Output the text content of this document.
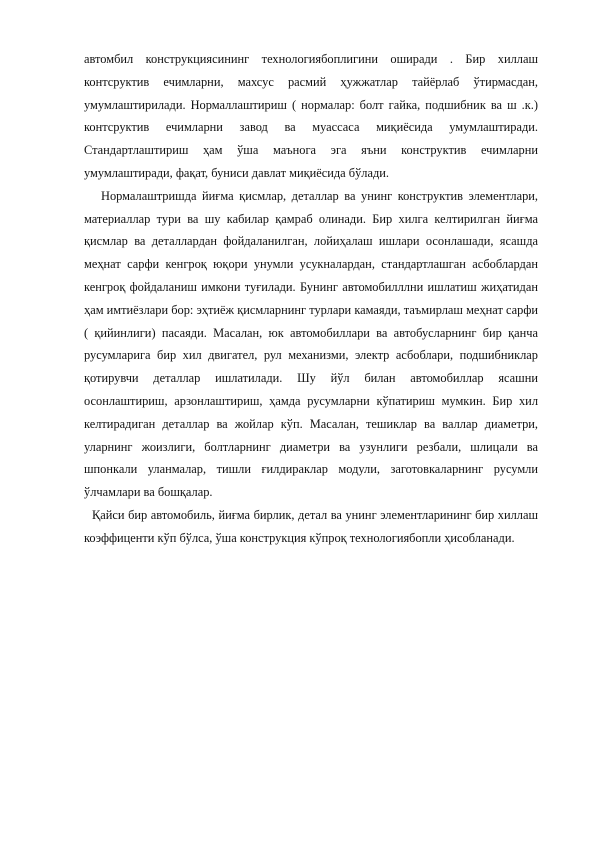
автомбил конструкциясининг технологиябоплигини оширади . Бир хиллаш контсруктив ечимларни, махсус расмий ҳужжатлар тайёрлаб ўтирмасдан, умумлаштирилади. Нормаллаштириш ( нормалар: болт гайка, подшибник ва ш .к.) контсруктив ечимларни завод ва муассаса миқиёсида умумлаштиради. Стандартлаштириш ҳам ўша маънога эга яъни конструктив ечимларни умумлаштиради, фақат, буниси давлат миқиёсида бўлади.

Нормалаштришда йиғма қисмлар, деталлар ва унинг конструктив элементлари, материаллар тури ва шу кабилар қамраб олинади. Бир хилга келтирилган йиғма қисмлар ва деталлардан фойдаланилган, лойиҳалаш ишлари осонлашади, ясашда меҳнат сарфи кенгроқ юқори унумли усукналардан, стандартлашган асбоблардан кенгроқ фойдаланиш имкони туғилади. Бунинг автомобилллни ишлатиш жиҳатидан ҳам имтиёзлари бор: эҳтиёж қисмларнинг турлари камаяди, таъмирлаш меҳнат сарфи ( қийинлиги) пасаяди. Масалан, юк автомобиллари ва автобусларнинг бир қанча русумларига бир хил двигател, рул механизми, электр асбоблари, подшибниклар қотирувчи деталлар ишлатилади. Шу йўл билан автомобиллар ясашни осонлаштириш, арзонлаштириш, ҳамда русумларни кўпатириш мумкин. Бир хил келтирадиган деталлар ва жойлар кўп. Масалан, тешиклар ва валлар диаметри, уларнинг жоизлиги, болтларнинг диаметри ва узунлиги резбали, шлицали ва шпонкали уланмалар, тишли ғилдираклар модули, заготовкаларнинг русумли ўлчамлари ва бошқалар.

Қайси бир автомобиль, йиғма бирлик, детал ва унинг элементларининг бир хиллаш коэффиценти кўп бўлса, ўша конструкция кўпроқ технологиябопли ҳисобланади.
